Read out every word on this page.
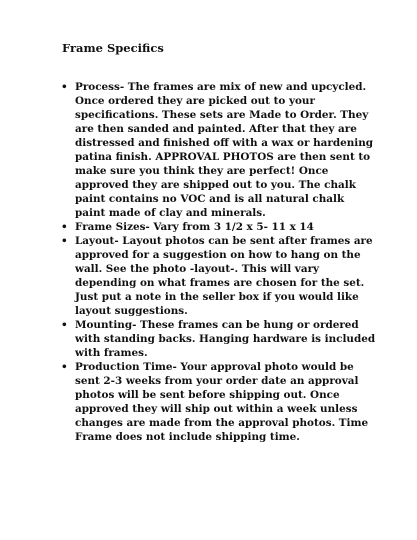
Frame Specifics
• Process- The frames are mix of new and upcycled. Once ordered they are picked out to your specifications. These sets are Made to Order. They are then sanded and painted. After that they are distressed and finished off with a wax or hardening patina finish. APPROVAL PHOTOS are then sent to make sure you think they are perfect! Once approved they are shipped out to you. The chalk paint contains no VOC and is all natural chalk paint made of clay and minerals.
• Frame Sizes- Vary from 3 1/2 x 5- 11 x 14
• Layout- Layout photos can be sent after frames are approved for a suggestion on how to hang on the wall. See the photo -layout-. This will vary depending on what frames are chosen for the set. Just put a note in the seller box if you would like layout suggestions.
• Mounting- These frames can be hung or ordered with standing backs. Hanging hardware is included with frames.
• Production Time- Your approval photo would be sent 2-3 weeks from your order date an approval photos will be sent before shipping out. Once approved they will ship out within a week unless changes are made from the approval photos. Time Frame does not include shipping time.
